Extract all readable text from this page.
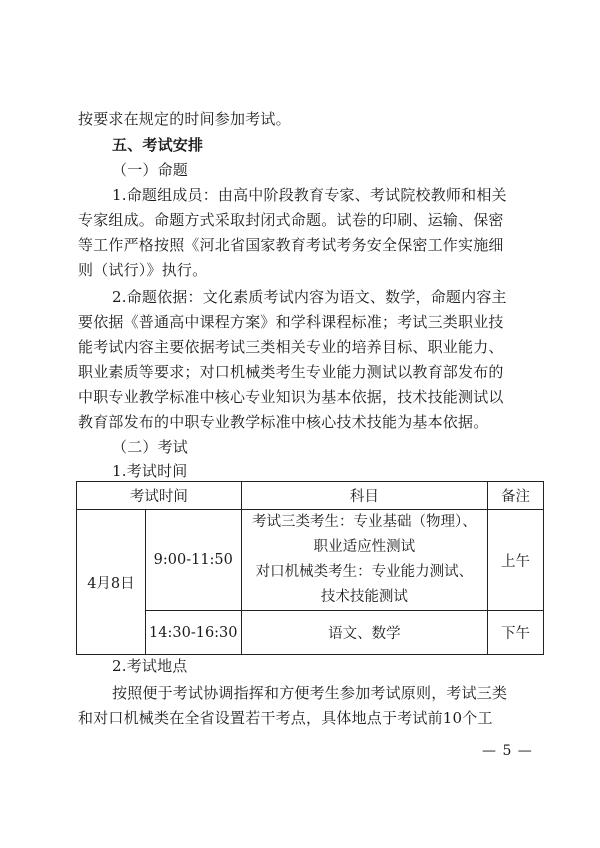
按要求在规定的时间参加考试。
五、考试安排
（一）命题
1.命题组成员：由高中阶段教育专家、考试院校教师和相关
专家组成。命题方式采取封闭式命题。试卷的印刷、运输、保密
等工作严格按照《河北省国家教育考试考务安全保密工作实施细
则（试行）》执行。
2.命题依据：文化素质考试内容为语文、数学，命题内容主
要依据《普通高中课程方案》和学科课程标准；考试三类职业技
能考试内容主要依据考试三类相关专业的培养目标、职业能力、
职业素质等要求；对口机械类考生专业能力测试以教育部发布的
中职专业教学标准中核心专业知识为基本依据，技术技能测试以
教育部发布的中职专业教学标准中核心技术技能为基本依据。
（二）考试
1.考试时间
考试时间		科目	备注
4月8日	9:00-11:50	考试三类考生：专业基础（物理）、
职业适应性测试
对口机械类考生：专业能力测试、
技术技能测试	上午
	14:30-16:30	语文、数学	下午
2.考试地点
按照便于考试协调指挥和方便考生参加考试原则，考试三类
和对口机械类在全省设置若干考点，具体地点于考试前10个工
— 5 —
